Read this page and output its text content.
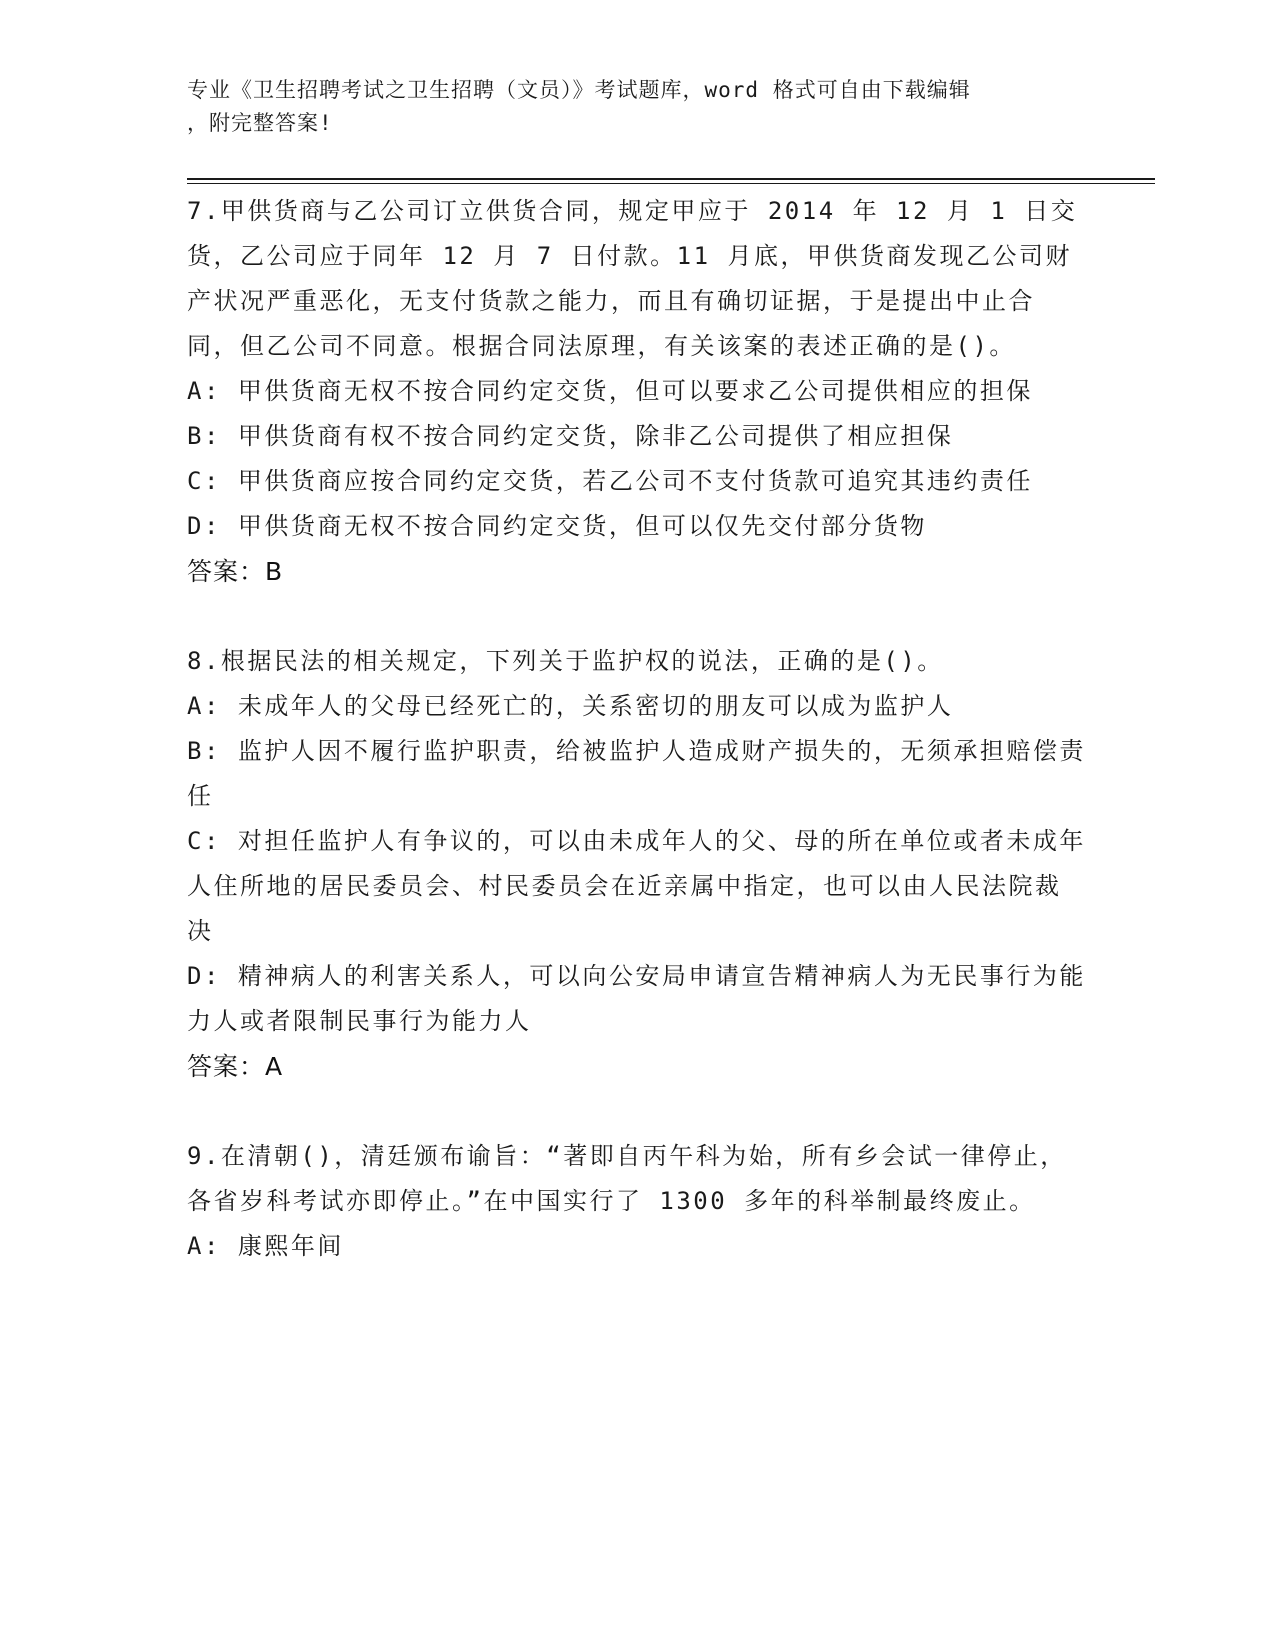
专业《卫生招聘考试之卫生招聘（文员）》考试题库，word 格式可自由下载编辑
，附完整答案!

7.甲供货商与乙公司订立供货合同，规定甲应于 2014 年 12 月 1 日交货，乙公司应于同年 12 月 7 日付款。11 月底，甲供货商发现乙公司财产状况严重恶化，无支付货款之能力，而且有确切证据，于是提出中止合同，但乙公司不同意。根据合同法原理，有关该案的表述正确的是()。

A: 甲供货商无权不按合同约定交货，但可以要求乙公司提供相应的担保

B: 甲供货商有权不按合同约定交货，除非乙公司提供了相应担保

C: 甲供货商应按合同约定交货，若乙公司不支付货款可追究其违约责任

D: 甲供货商无权不按合同约定交货，但可以仅先交付部分货物

答案：B

8.根据民法的相关规定，下列关于监护权的说法，正确的是()。

A: 未成年人的父母已经死亡的，关系密切的朋友可以成为监护人

B: 监护人因不履行监护职责，给被监护人造成财产损失的，无须承担赔偿责任

C: 对担任监护人有争议的，可以由未成年人的父、母的所在单位或者未成年人住所地的居民委员会、村民委员会在近亲属中指定，也可以由人民法院裁决

D: 精神病人的利害关系人，可以向公安局申请宣告精神病人为无民事行为能力人或者限制民事行为能力人

答案：A

9.在清朝()，清廷颁布谕旨：“著即自丙午科为始，所有乡会试一律停止，各省岁科考试亦即停止。”在中国实行了 1300 多年的科举制最终废止。

A: 康熙年间
